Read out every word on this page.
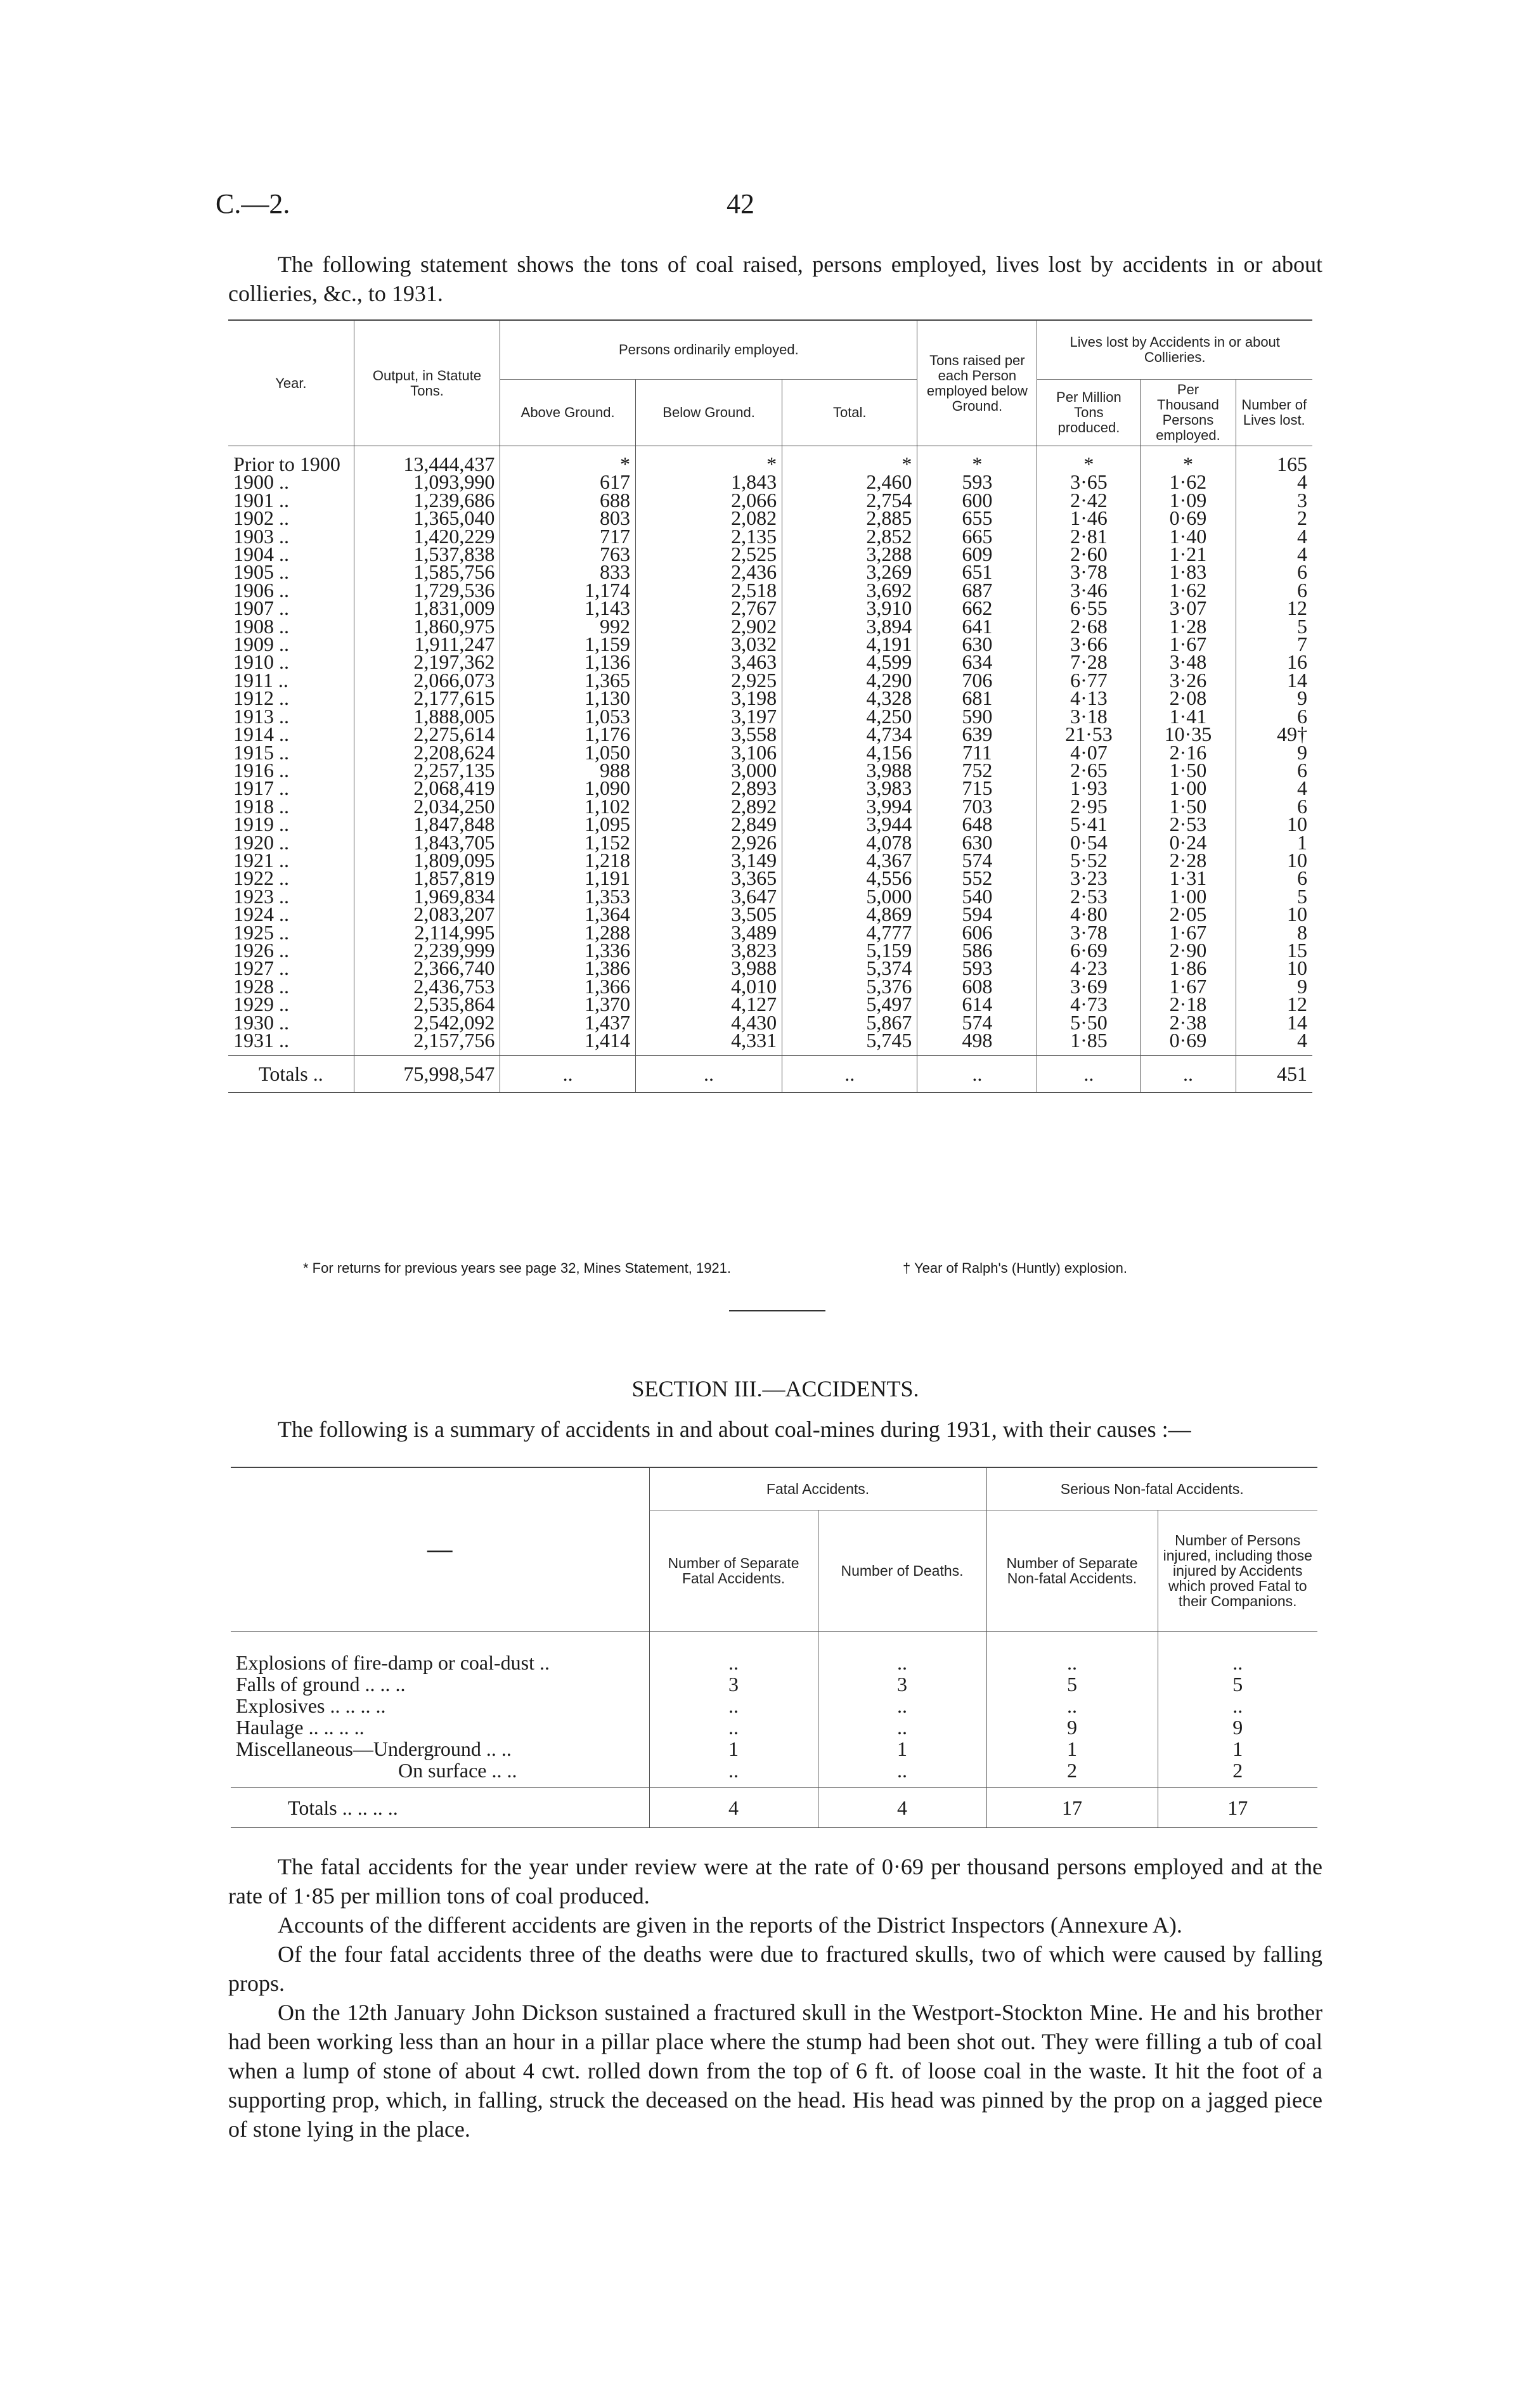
C.—2.	42
The following statement shows the tons of coal raised, persons employed, lives lost by accidents in or about collieries, &c., to 1931.
Year.	Output, in Statute Tons.	Persons ordinarily employed.			Tons raised per each Person employed below Ground.	Lives lost by Accidents in or about Collieries.		
		Above Ground.	Below Ground.	Total.		Per Million Tons produced.	Per Thousand Persons employed.	Number of Lives lost.
Prior to 1900	13,444,437	*	*	*	*	*	*	165
1900 ..	1,093,990	617	1,843	2,460	593	3·65	1·62	4
1901 ..	1,239,686	688	2,066	2,754	600	2·42	1·09	3
1902 ..	1,365,040	803	2,082	2,885	655	1·46	0·69	2
1903 ..	1,420,229	717	2,135	2,852	665	2·81	1·40	4
1904 ..	1,537,838	763	2,525	3,288	609	2·60	1·21	4
1905 ..	1,585,756	833	2,436	3,269	651	3·78	1·83	6
1906 ..	1,729,536	1,174	2,518	3,692	687	3·46	1·62	6
1907 ..	1,831,009	1,143	2,767	3,910	662	6·55	3·07	12
1908 ..	1,860,975	992	2,902	3,894	641	2·68	1·28	5
1909 ..	1,911,247	1,159	3,032	4,191	630	3·66	1·67	7
1910 ..	2,197,362	1,136	3,463	4,599	634	7·28	3·48	16
1911 ..	2,066,073	1,365	2,925	4,290	706	6·77	3·26	14
1912 ..	2,177,615	1,130	3,198	4,328	681	4·13	2·08	9
1913 ..	1,888,005	1,053	3,197	4,250	590	3·18	1·41	6
1914 ..	2,275,614	1,176	3,558	4,734	639	21·53	10·35	49†
1915 ..	2,208,624	1,050	3,106	4,156	711	4·07	2·16	9
1916 ..	2,257,135	988	3,000	3,988	752	2·65	1·50	6
1917 ..	2,068,419	1,090	2,893	3,983	715	1·93	1·00	4
1918 ..	2,034,250	1,102	2,892	3,994	703	2·95	1·50	6
1919 ..	1,847,848	1,095	2,849	3,944	648	5·41	2·53	10
1920 ..	1,843,705	1,152	2,926	4,078	630	0·54	0·24	1
1921 ..	1,809,095	1,218	3,149	4,367	574	5·52	2·28	10
1922 ..	1,857,819	1,191	3,365	4,556	552	3·23	1·31	6
1923 ..	1,969,834	1,353	3,647	5,000	540	2·53	1·00	5
1924 ..	2,083,207	1,364	3,505	4,869	594	4·80	2·05	10
1925 ..	2,114,995	1,288	3,489	4,777	606	3·78	1·67	8
1926 ..	2,239,999	1,336	3,823	5,159	586	6·69	2·90	15
1927 ..	2,366,740	1,386	3,988	5,374	593	4·23	1·86	10
1928 ..	2,436,753	1,366	4,010	5,376	608	3·69	1·67	9
1929 ..	2,535,864	1,370	4,127	5,497	614	4·73	2·18	12
1930 ..	2,542,092	1,437	4,430	5,867	574	5·50	2·38	14
1931 ..	2,157,756	1,414	4,331	5,745	498	1·85	0·69	4
Totals ..	75,998,547	..	..	..	..	..	..	451
* For returns for previous years see page 32, Mines Statement, 1921.	† Year of Ralph's (Huntly) explosion.
SECTION III.—ACCIDENTS.
The following is a summary of accidents in and about coal-mines during 1931, with their causes :—
—	Fatal Accidents.		Serious Non-fatal Accidents.	
	Number of Separate Fatal Accidents.	Number of Deaths.	Number of Separate Non-fatal Accidents.	Number of Persons injured, including those injured by Accidents which proved Fatal to their Companions.
Explosions of fire-damp or coal-dust ..	..	..	..	..
Falls of ground .. .. ..	3	3	5	5
Explosives .. .. .. ..	..	..	..	..
Haulage .. .. .. ..	..	..	9	9
Miscellaneous—Underground .. ..	1	1	1	1
On surface .. ..	..	..	2	2
Totals .. .. .. ..	4	4	17	17

The fatal accidents for the year under review were at the rate of 0·69 per thousand persons employed and at the rate of 1·85 per million tons of coal produced.

Accounts of the different accidents are given in the reports of the District Inspectors (Annexure A).

Of the four fatal accidents three of the deaths were due to fractured skulls, two of which were caused by falling props.

On the 12th January John Dickson sustained a fractured skull in the Westport-Stockton Mine. He and his brother had been working less than an hour in a pillar place where the stump had been shot out. They were filling a tub of coal when a lump of stone of about 4 cwt. rolled down from the top of 6 ft. of loose coal in the waste. It hit the foot of a supporting prop, which, in falling, struck the deceased on the head. His head was pinned by the prop on a jagged piece of stone lying in the place.
